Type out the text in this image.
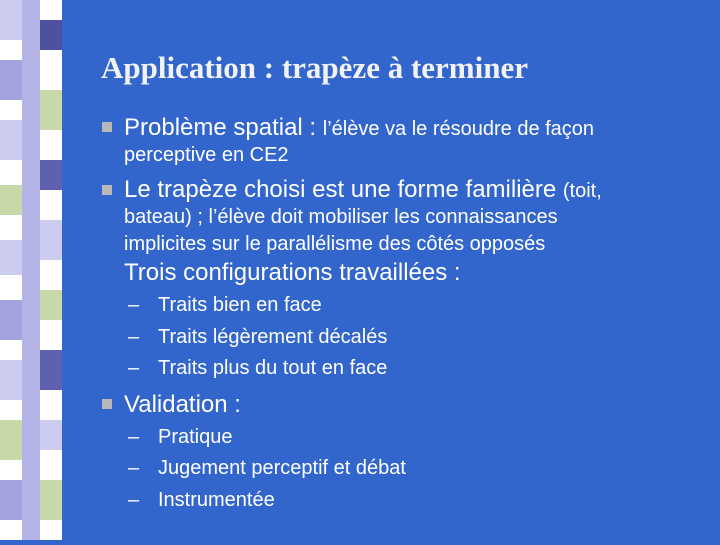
Application : trapèze à terminer

Problème spatial : l’élève va le résoudre de façon

perceptive en CE2

Le trapèze choisi est une forme familière (toit,

bateau) ; l’élève doit mobiliser les connaissances

implicites sur le parallélisme des côtés opposés

Trois configurations travaillées :

– Traits bien en face
– Traits légèrement décalés
– Traits plus du tout en face

Validation :

– Pratique
– Jugement perceptif et débat
– Instrumentée
